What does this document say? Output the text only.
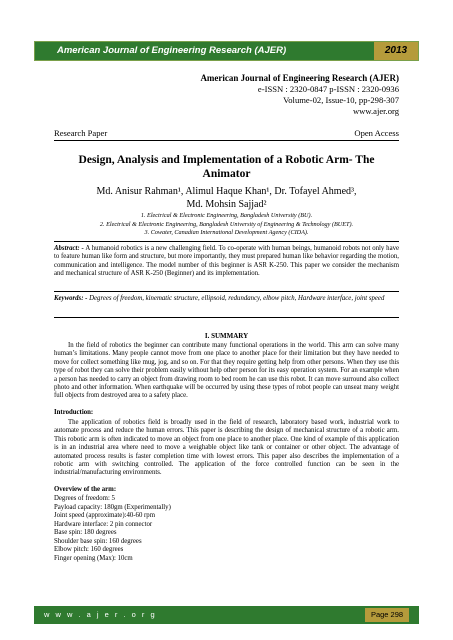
American Journal of Engineering Research (AJER)	2013
American Journal of Engineering Research (AJER)
e-ISSN : 2320-0847 p-ISSN : 2320-0936
Volume-02, Issue-10, pp-298-307
www.ajer.org
Research Paper	Open Access
Design, Analysis and Implementation of a Robotic Arm- The Animator
Md. Anisur Rahman¹, Alimul Haque Khan¹, Dr. Tofayel Ahmed³,
Md. Mohsin Sajjad²
1. Electrical & Electronic Engineering, Bangladesh University (BU).
2. Electrical & Electronic Engineering, Bangladesh University of Engineering & Technology (BUET).
3. Cowater, Canadian International Development Agency (CIDA).
Abstract: - A humanoid robotics is a new challenging field. To co-operate with human beings, humanoid robots not only have to feature human like form and structure, but more importantly, they must prepared human like behavior regarding the motion, communication and intelligence. The model number of this beginner is ASR K-250. This paper we consider the mechanism and mechanical structure of ASR K-250 (Beginner) and its implementation.
Keywords: - Degrees of freedom, kinematic structure, ellipsoid, redundancy, elbow pitch, Hardware interface, joint speed
I. SUMMARY
In the field of robotics the beginner can contribute many functional operations in the world. This arm can solve many human’s limitations. Many people cannot move from one place to another place for their limitation but they have needed to move for collect something like mug, jog, and so on. For that they require getting help from other persons. When they use this type of robot they can solve their problem easily without help other person for its easy operation system. For an example when a person has needed to carry an object from drawing room to bed room he can use this robot. It can move surround also collect photo and other information. When earthquake will be occurred by using these types of robot people can unseat many weight full objects from destroyed area to a safety place.
Introduction:
The application of robotics field is broadly used in the field of research, laboratory based work, industrial work to automate process and reduce the human errors. This paper is describing the design of mechanical structure of a robotic arm. This robotic arm is often indicated to move an object from one place to another place. One kind of example of this application is in an industrial area where need to move a weighable object like tank or container or other object. The advantage of automated process results is faster completion time with lowest errors. This paper also describes the implementation of a robotic arm with switching controlled. The application of the force controlled function can be seen in the industrial/manufacturing environments.
Overview of the arm:
Degrees of freedom: 5
Payload capacity: 180gm (Experimentally)
Joint speed (approximate):40-60 rpm
Hardware interface: 2 pin connector
Base spin: 180 degrees
Shoulder base spin: 160 degrees
Elbow pitch: 160 degrees
Finger opening (Max): 10cm
w w w . a j e r . o r g	Page 298
